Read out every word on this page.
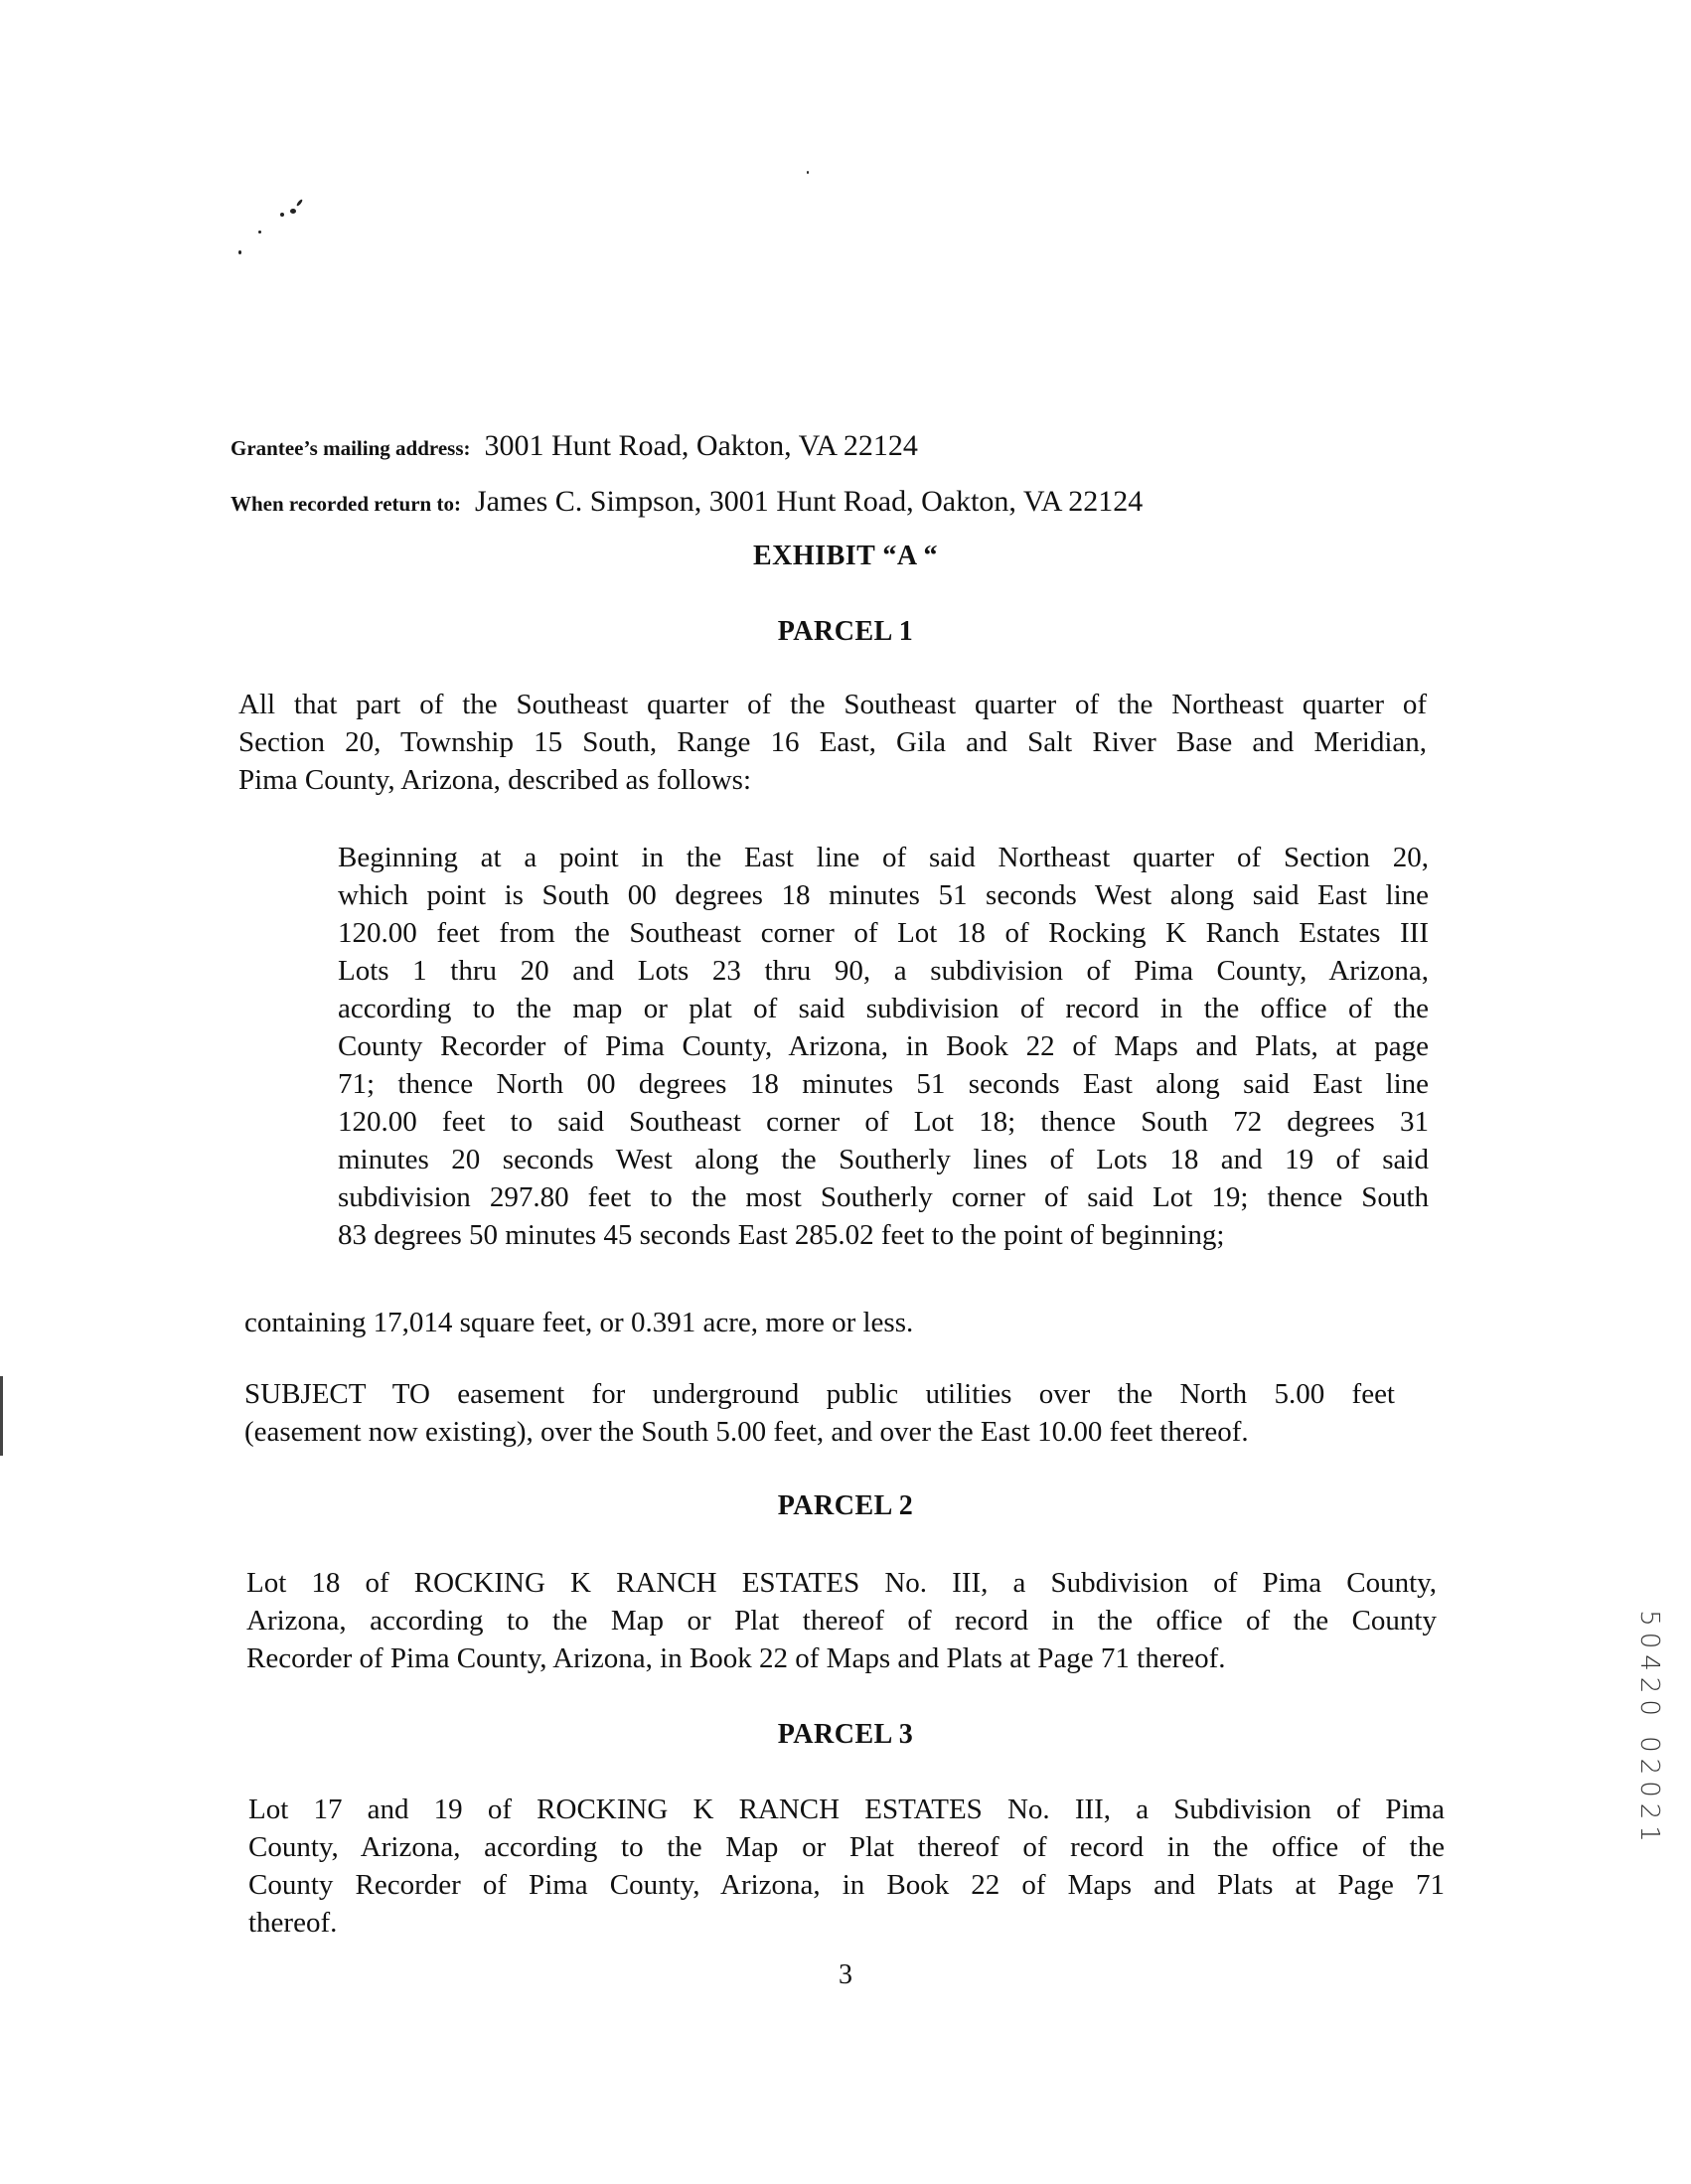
Grantee’s mailing address: 3001 Hunt Road, Oakton, VA 22124
When recorded return to: James C. Simpson, 3001 Hunt Road, Oakton, VA 22124
EXHIBIT “A “
PARCEL 1
All that part of the Southeast quarter of the Southeast quarter of the Northeast quarter of
Section 20, Township 15 South, Range 16 East, Gila and Salt River Base and Meridian,
Pima County, Arizona, described as follows:
Beginning at a point in the East line of said Northeast quarter of Section 20,
which point is South 00 degrees 18 minutes 51 seconds West along said East line
120.00 feet from the Southeast corner of Lot 18 of Rocking K Ranch Estates III
Lots 1 thru 20 and Lots 23 thru 90, a subdivision of Pima County, Arizona,
according to the map or plat of said subdivision of record in the office of the
County Recorder of Pima County, Arizona, in Book 22 of Maps and Plats, at page
71; thence North 00 degrees 18 minutes 51 seconds East along said East line
120.00 feet to said Southeast corner of Lot 18; thence South 72 degrees 31
minutes 20 seconds West along the Southerly lines of Lots 18 and 19 of said
subdivision 297.80 feet to the most Southerly corner of said Lot 19; thence South
83 degrees 50 minutes 45 seconds East 285.02 feet to the point of beginning;
containing 17,014 square feet, or 0.391 acre, more or less.
SUBJECT TO easement for underground public utilities over the North 5.00 feet
(easement now existing), over the South 5.00 feet, and over the East 10.00 feet thereof.
PARCEL 2
Lot 18 of ROCKING K RANCH ESTATES No. III, a Subdivision of Pima County,
Arizona, according to the Map or Plat thereof of record in the office of the County
Recorder of Pima County, Arizona, in Book 22 of Maps and Plats at Page 71 thereof.
PARCEL 3
Lot 17 and 19 of ROCKING K RANCH ESTATES No. III, a Subdivision of Pima
County, Arizona, according to the Map or Plat thereof of record in the office of the
County Recorder of Pima County, Arizona, in Book 22 of Maps and Plats at Page 71
thereof.
3
50420 02021
